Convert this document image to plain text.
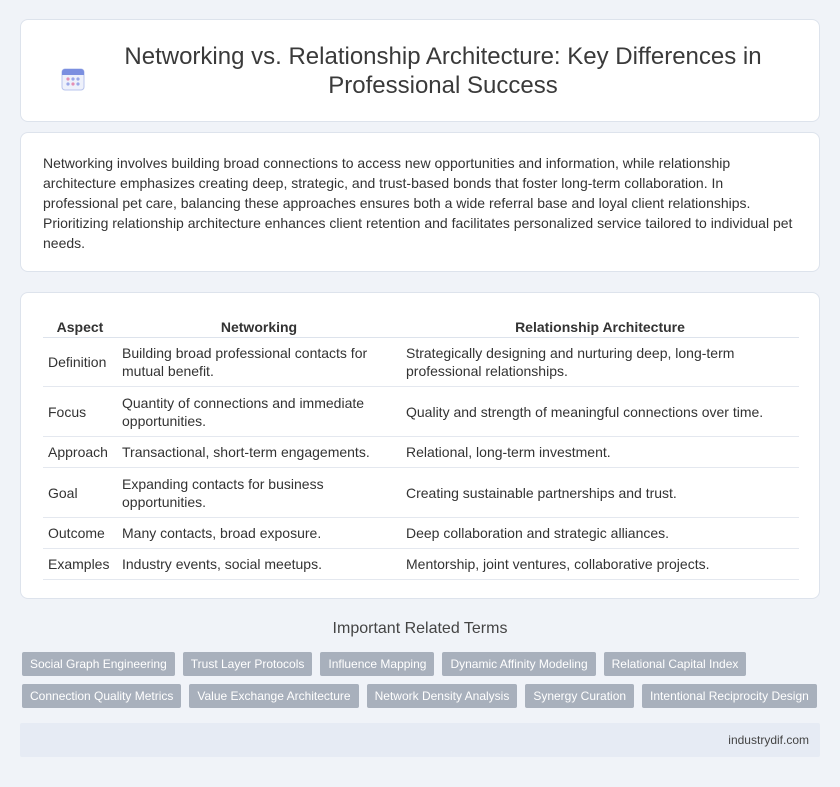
Networking vs. Relationship Architecture: Key Differences in Professional Success

Networking involves building broad connections to access new opportunities and information, while relationship architecture emphasizes creating deep, strategic, and trust-based bonds that foster long-term collaboration. In professional pet care, balancing these approaches ensures both a wide referral base and loyal client relationships. Prioritizing relationship architecture enhances client retention and facilitates personalized service tailored to individual pet needs.

Aspect	Networking	Relationship Architecture
Definition	Building broad professional contacts for mutual benefit.	Strategically designing and nurturing deep, long-term professional relationships.
Focus	Quantity of connections and immediate opportunities.	Quality and strength of meaningful connections over time.
Approach	Transactional, short-term engagements.	Relational, long-term investment.
Goal	Expanding contacts for business opportunities.	Creating sustainable partnerships and trust.
Outcome	Many contacts, broad exposure.	Deep collaboration and strategic alliances.
Examples	Industry events, social meetups.	Mentorship, joint ventures, collaborative projects.
Important Related Terms
Social Graph Engineering	Trust Layer Protocols	Influence Mapping	Dynamic Affinity Modeling	Relational Capital Index
Connection Quality Metrics	Value Exchange Architecture	Network Density Analysis	Synergy Curation	Intentional Reciprocity Design
industrydif.com
